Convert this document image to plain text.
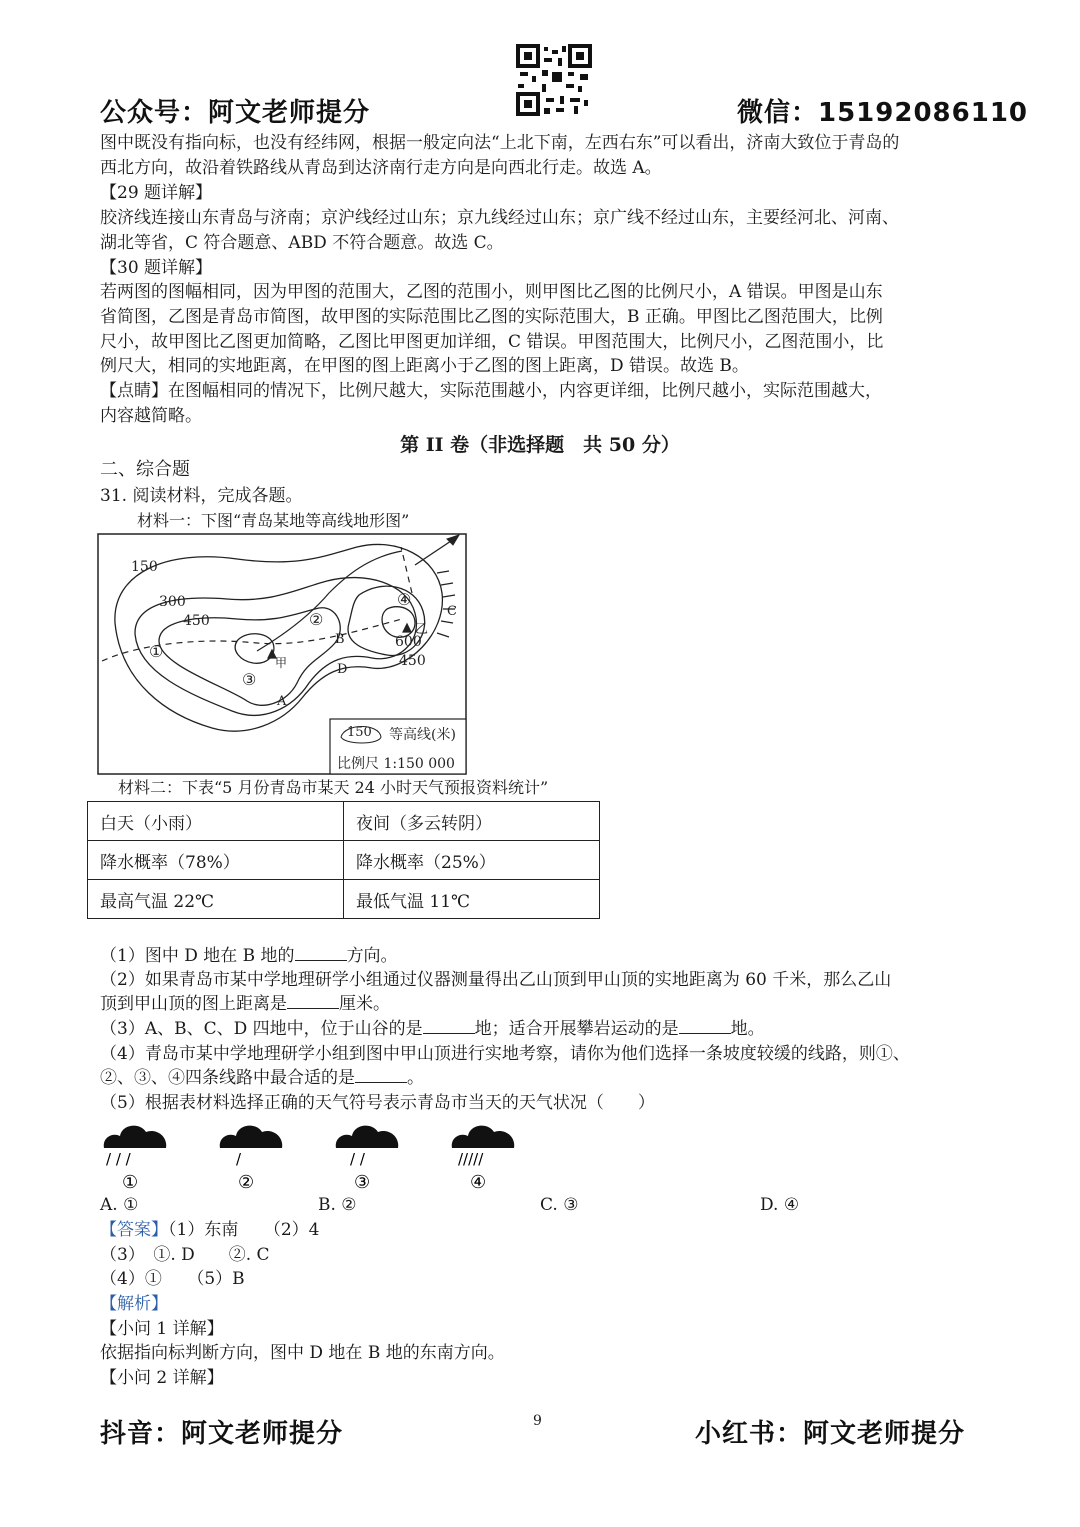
公众号：阿文老师提分	微信：15192086110
图中既没有指向标，也没有经纬网，根据一般定向法“上北下南，左西右东”可以看出，济南大致位于青岛的
西北方向，故沿着铁路线从青岛到达济南行走方向是向西北行走。故选 A。
【29 题详解】
胶济线连接山东青岛与济南；京沪线经过山东；京九线经过山东；京广线不经过山东，主要经河北、河南、
湖北等省，C 符合题意、ABD 不符合题意。故选 C。
【30 题详解】
若两图的图幅相同，因为甲图的范围大，乙图的范围小，则甲图比乙图的比例尺小，A 错误。甲图是山东
省简图，乙图是青岛市简图，故甲图的实际范围比乙图的实际范围大，B 正确。甲图比乙图范围大，比例
尺小，故甲图比乙图更加简略，乙图比甲图更加详细，C 错误。甲图范围大，比例尺小，乙图范围小，比
例尺大，相同的实地距离，在甲图的图上距离小于乙图的图上距离，D 错误。故选 B。
【点睛】在图幅相同的情况下，比例尺越大，实际范围越小，内容更详细，比例尺越小，实际范围越大，
内容越简略。
第 II 卷（非选择题　共 50 分）
二、综合题
31. 阅读材料，完成各题。
材料一：下图“青岛某地等高线地形图”
150
300
450
600
450
①
②
③
④
A
B
C
D
▲
甲
▲ 乙
150 等高线(米)
比例尺 1:150 000
材料二：下表“5 月份青岛市某天 24 小时天气预报资料统计”
白天（小雨）	夜间（多云转阴）
降水概率（78%）	降水概率（25%）
最高气温 22℃	最低气温 11℃
（1）图中 D 地在 B 地的	方向。
（2）如果青岛市某中学地理研学小组通过仪器测量得出乙山顶到甲山顶的实地距离为 60 千米，那么乙山
顶到甲山顶的图上距离是	厘米。
（3）A、B、C、D 四地中，位于山谷的是	地；适合开展攀岩运动的是	地。
（4）青岛市某中学地理研学小组到图中甲山顶进行实地考察，请你为他们选择一条坡度较缓的线路，则①、
②、③、④四条线路中最合适的是	。
（5）根据表材料选择正确的天气符号表示青岛市当天的天气状况（　　）
/ / /
①
/
②
/ /
③
/////
④
A. ①	B. ②	C. ③	D. ④
【答案】（1）东南　　（2）4
（3）　①. D　　②. C
（4）①　　（5）B
【解析】
【小问 1 详解】
依据指向标判断方向，图中 D 地在 B 地的东南方向。
【小问 2 详解】
抖音：阿文老师提分	9	小红书：阿文老师提分
